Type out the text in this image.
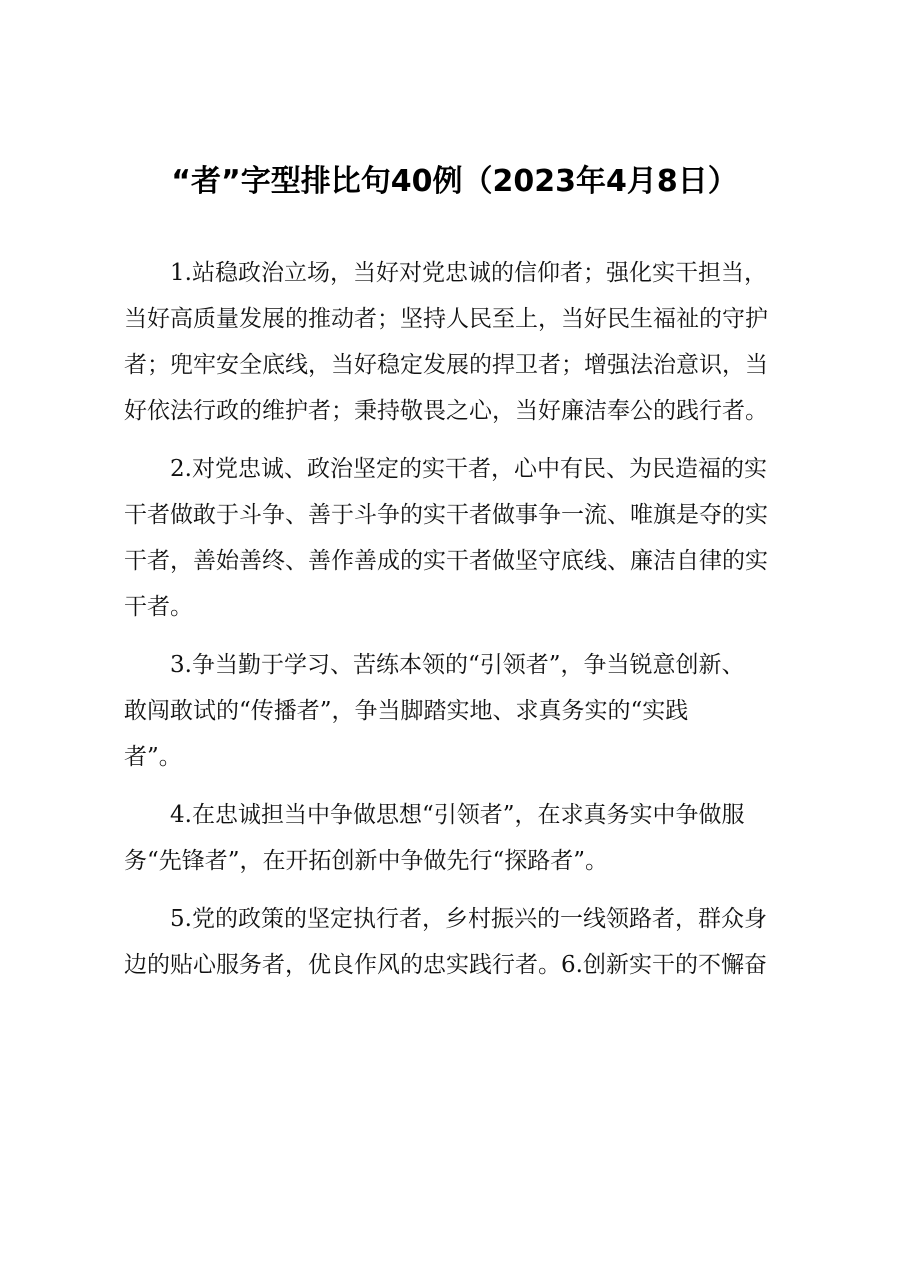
“者”字型排比句40例（2023年4月8日）
1.站稳政治立场，当好对党忠诚的信仰者；强化实干担当，
当好高质量发展的推动者；坚持人民至上，当好民生福祉的守护
者；兜牢安全底线，当好稳定发展的捍卫者；增强法治意识，当
好依法行政的维护者；秉持敬畏之心，当好廉洁奉公的践行者。
2.对党忠诚、政治坚定的实干者，心中有民、为民造福的实
干者做敢于斗争、善于斗争的实干者做事争一流、唯旗是夺的实
干者，善始善终、善作善成的实干者做坚守底线、廉洁自律的实
干者。
3.争当勤于学习、苦练本领的“引领者”，争当锐意创新、
敢闯敢试的“传播者”，争当脚踏实地、求真务实的“实践
者”。
4.在忠诚担当中争做思想“引领者”，在求真务实中争做服
务“先锋者”，在开拓创新中争做先行“探路者”。
5.党的政策的坚定执行者，乡村振兴的一线领路者，群众身
边的贴心服务者，优良作风的忠实践行者。6.创新实干的不懈奋
